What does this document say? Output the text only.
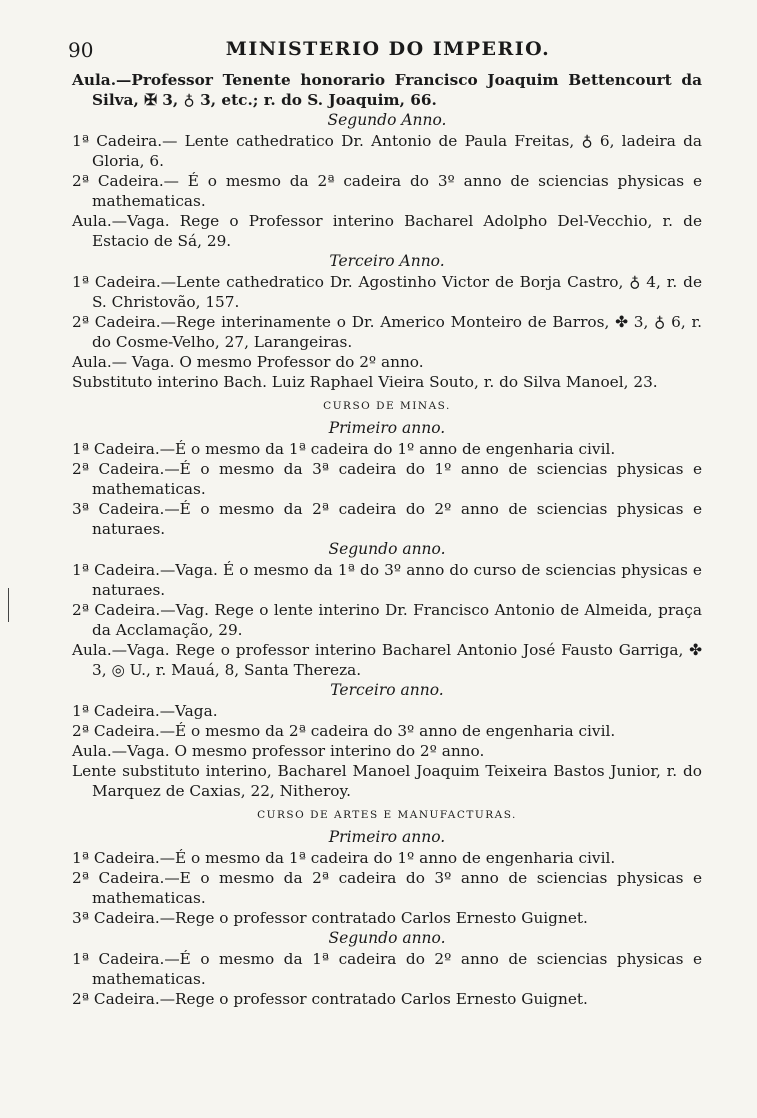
90	MINISTERIO DO IMPERIO.

Aula.—Professor Tenente honorario Francisco Joaquim Bettencourt da Silva, ✠ 3, ♁ 3, etc.; r. do S. Joaquim, 66.

Segundo Anno.

1ª Cadeira.— Lente cathedratico Dr. Antonio de Paula Freitas, ♁ 6, ladeira da Gloria, 6.

2ª Cadeira.— É o mesmo da 2ª cadeira do 3º anno de sciencias physicas e mathematicas.

Aula.—Vaga. Rege o Professor interino Bacharel Adolpho Del-Vecchio, r. de Estacio de Sá, 29.

Terceiro Anno.

1ª Cadeira.—Lente cathedratico Dr. Agostinho Victor de Borja Castro, ♁ 4, r. de S. Christovão, 157.

2ª Cadeira.—Rege interinamente o Dr. Americo Monteiro de Barros, ✤ 3, ♁ 6, r. do Cosme-Velho, 27, Larangeiras.

Aula.— Vaga. O mesmo Professor do 2º anno.

Substituto interino Bach. Luiz Raphael Vieira Souto, r. do Silva Manoel, 23.

CURSO DE MINAS.

Primeiro anno.

1ª Cadeira.—É o mesmo da 1ª cadeira do 1º anno de engenharia civil.

2ª Cadeira.—É o mesmo da 3ª cadeira do 1º anno de sciencias physicas e mathematicas.

3ª Cadeira.—É o mesmo da 2ª cadeira do 2º anno de sciencias physicas e naturaes.

Segundo anno.

1ª Cadeira.—Vaga. É o mesmo da 1ª do 3º anno do curso de sciencias physicas e naturaes.

2ª Cadeira.—Vag. Rege o lente interino Dr. Francisco Antonio de Almeida, praça da Acclamação, 29.

Aula.—Vaga. Rege o professor interino Bacharel Antonio José Fausto Garriga, ✤ 3, ◎ U., r. Mauá, 8, Santa Thereza.

Terceiro anno.

1ª Cadeira.—Vaga.

2ª Cadeira.—É o mesmo da 2ª cadeira do 3º anno de engenharia civil.

Aula.—Vaga. O mesmo professor interino do 2º anno.

Lente substituto interino, Bacharel Manoel Joaquim Teixeira Bastos Junior, r. do Marquez de Caxias, 22, Nitheroy.

CURSO DE ARTES E MANUFACTURAS.

Primeiro anno.

1ª Cadeira.—É o mesmo da 1ª cadeira do 1º anno de engenharia civil.

2ª Cadeira.—E o mesmo da 2ª cadeira do 3º anno de sciencias physicas e mathematicas.

3ª Cadeira.—Rege o professor contratado Carlos Ernesto Guignet.

Segundo anno.

1ª Cadeira.—É o mesmo da 1ª cadeira do 2º anno de sciencias physicas e mathematicas.

2ª Cadeira.—Rege o professor contratado Carlos Ernesto Guignet.
